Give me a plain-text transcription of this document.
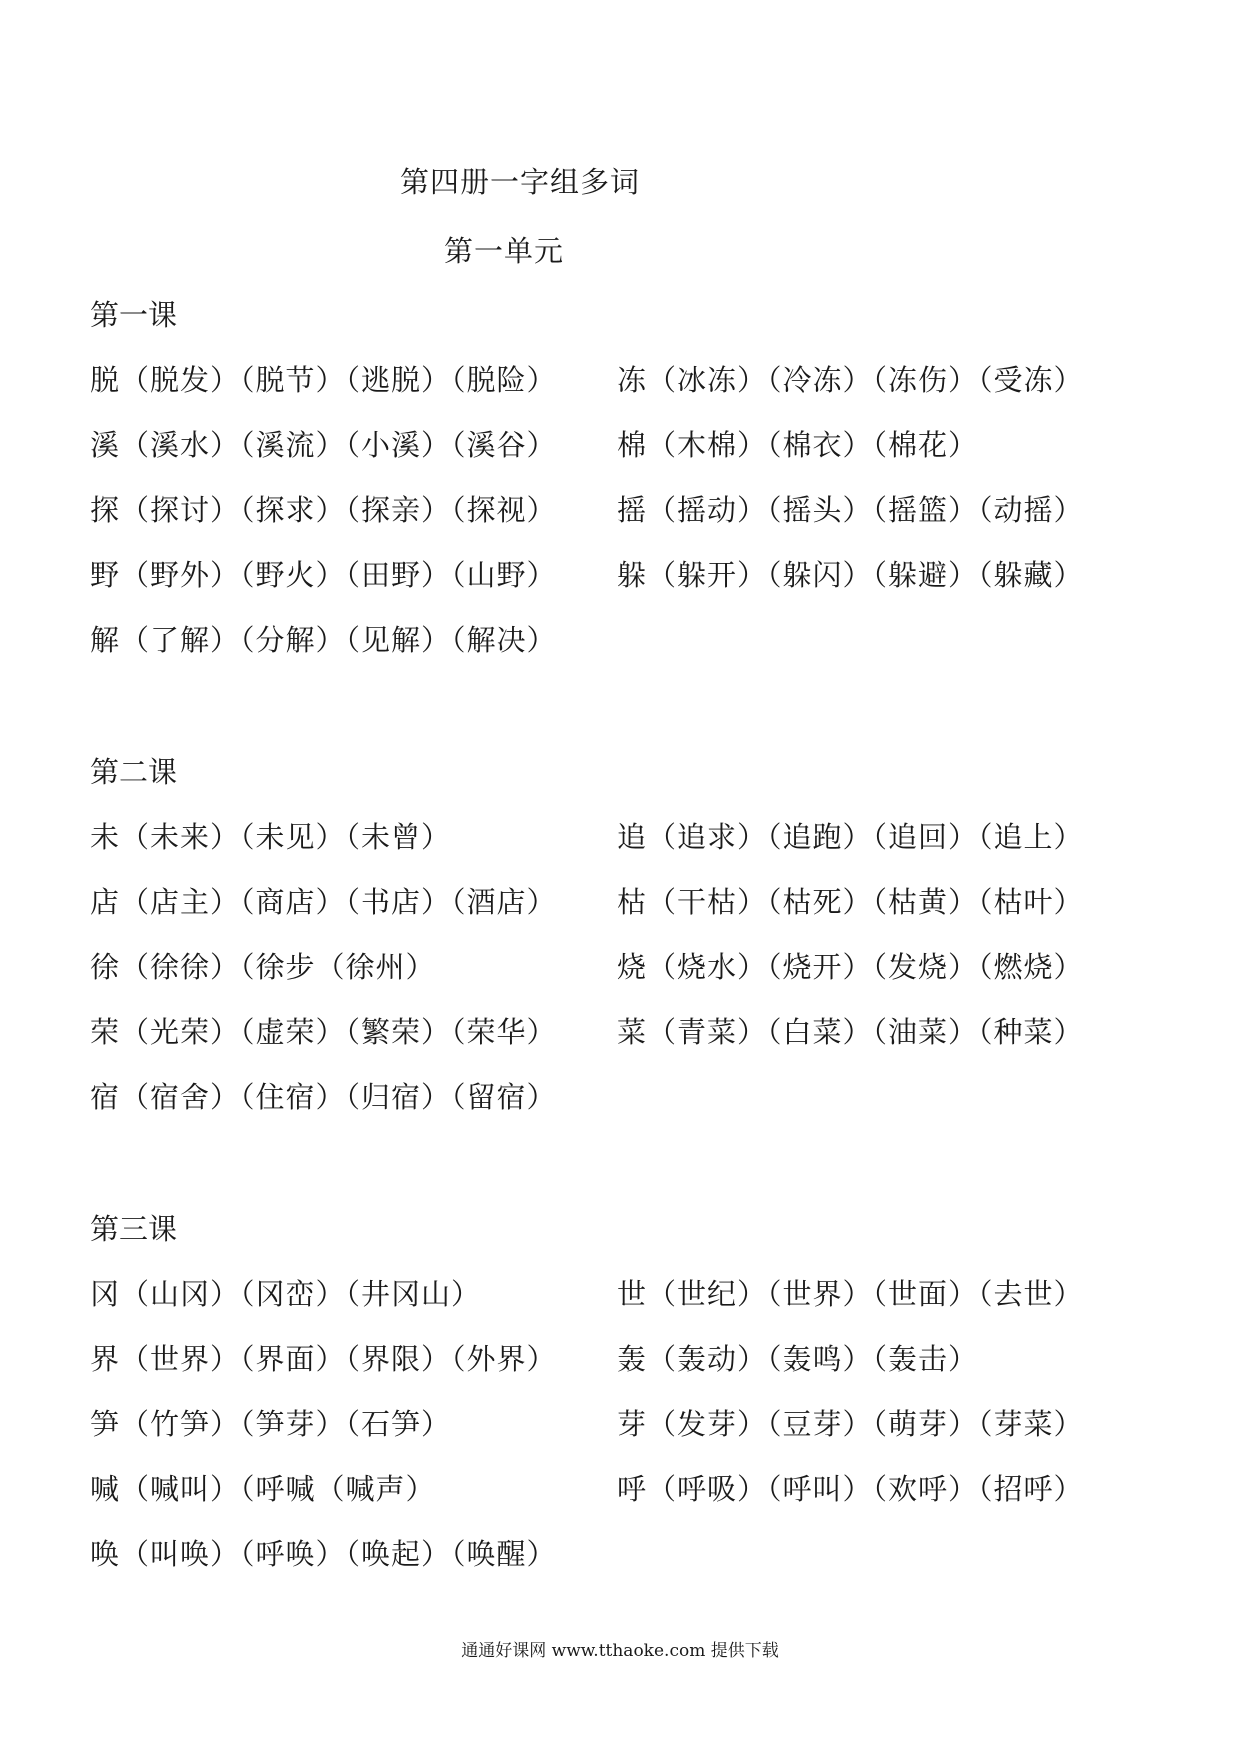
第四册一字组多词
第一单元
第一课
脱（脱发）（脱节）（逃脱）（脱险）	冻（冰冻）（冷冻）（冻伤）（受冻）
溪（溪水）（溪流）（小溪）（溪谷）	棉（木棉）（棉衣）（棉花）
探（探讨）（探求）（探亲）（探视）	摇（摇动）（摇头）（摇篮）（动摇）
野（野外）（野火）（田野）（山野）	躲（躲开）（躲闪）（躲避）（躲藏）
解（了解）（分解）（见解）（解决）
第二课
未（未来）（未见）（未曾）	追（追求）（追跑）（追回）（追上）
店（店主）（商店）（书店）（酒店）	枯（干枯）（枯死）（枯黄）（枯叶）
徐（徐徐）（徐步（徐州）	烧（烧水）（烧开）（发烧）（燃烧）
荣（光荣）（虚荣）（繁荣）（荣华）	菜（青菜）（白菜）（油菜）（种菜）
宿（宿舍）（住宿）（归宿）（留宿）
第三课
冈（山冈）（冈峦）（井冈山）	世（世纪）（世界）（世面）（去世）
界（世界）（界面）（界限）（外界）	轰（轰动）（轰鸣）（轰击）
笋（竹笋）（笋芽）（石笋）	芽（发芽）（豆芽）（萌芽）（芽菜）
喊（喊叫）（呼喊（喊声）	呼（呼吸）（呼叫）（欢呼）（招呼）
唤（叫唤）（呼唤）（唤起）（唤醒）
通通好课网 www.tthaoke.com 提供下载
